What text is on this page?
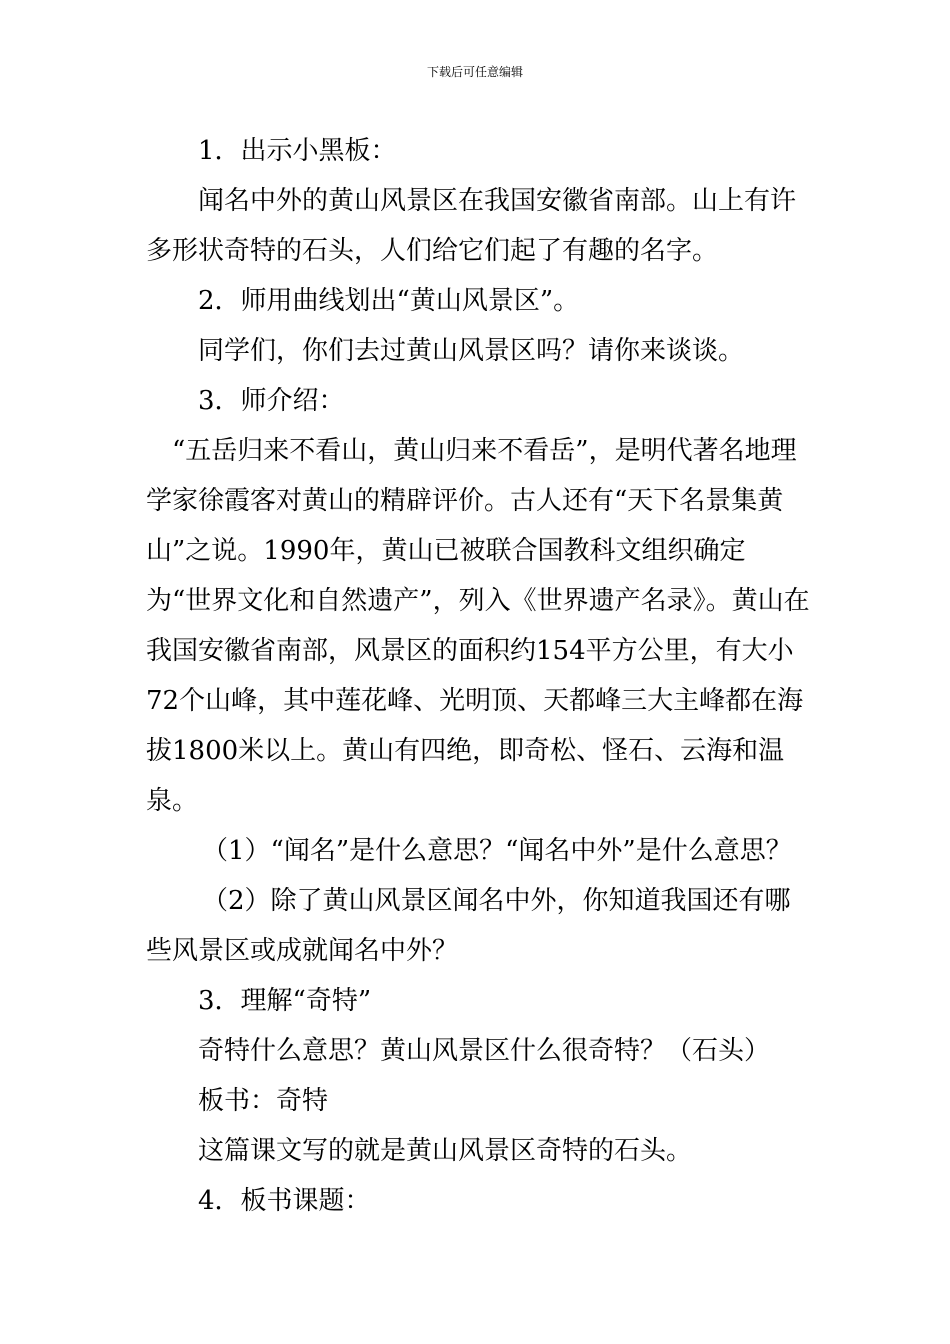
下载后可任意编辑

1．出示小黑板：

闻名中外的黄山风景区在我国安徽省南部。山上有许多形状奇特的石头，人们给它们起了有趣的名字。

2．师用曲线划出“黄山风景区”。

同学们，你们去过黄山风景区吗？请你来谈谈。

3．师介绍：

“五岳归来不看山，黄山归来不看岳”，是明代著名地理学家徐霞客对黄山的精辟评价。古人还有“天下名景集黄山”之说。1990年，黄山已被联合国教科文组织确定为“世界文化和自然遗产”，列入《世界遗产名录》。黄山在我国安徽省南部，风景区的面积约154平方公里，有大小72个山峰，其中莲花峰、光明顶、天都峰三大主峰都在海拔1800米以上。黄山有四绝，即奇松、怪石、云海和温泉。

（1）“闻名”是什么意思？“闻名中外”是什么意思？

（2）除了黄山风景区闻名中外，你知道我国还有哪些风景区或成就闻名中外？

3．理解“奇特”

奇特什么意思？黄山风景区什么很奇特？（石头）

板书：奇特

这篇课文写的就是黄山风景区奇特的石头。

4．板书课题：
